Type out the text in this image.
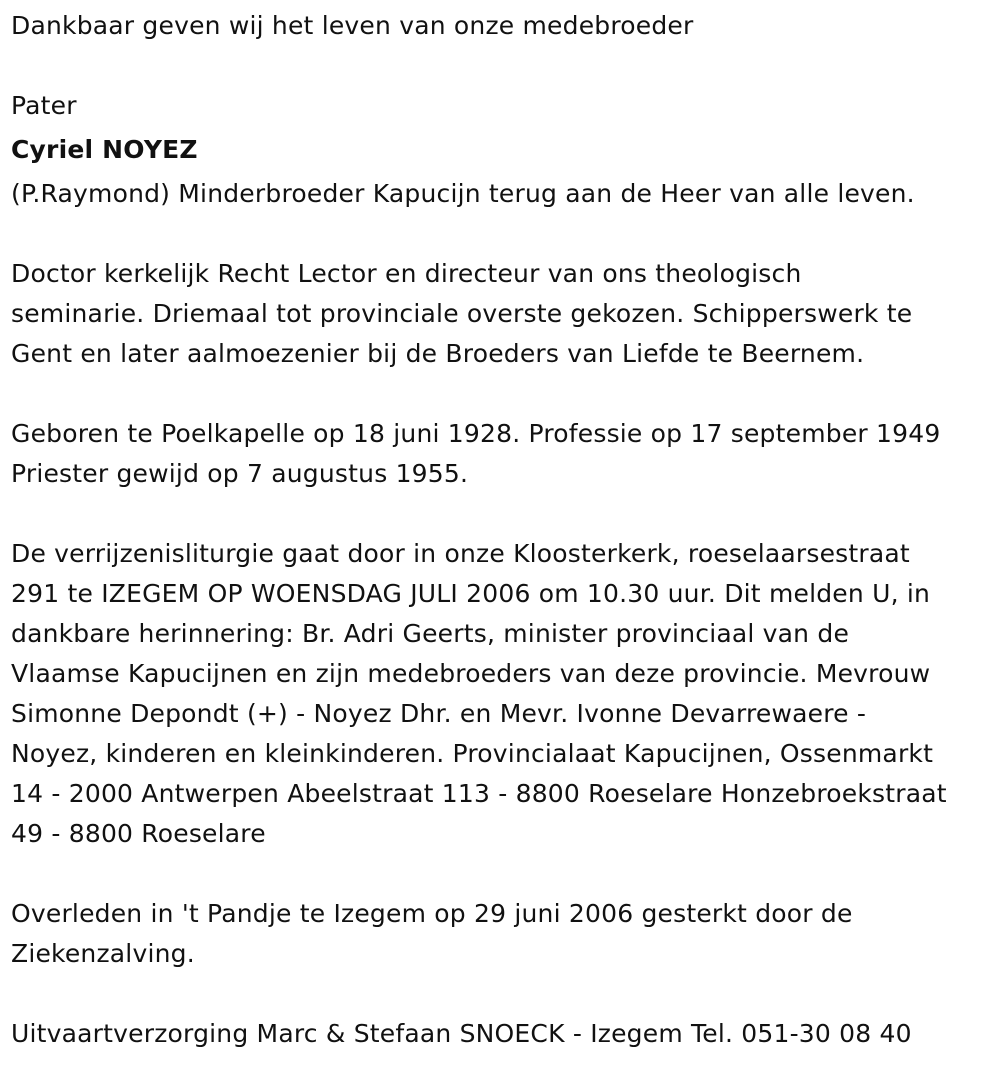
Dankbaar geven wij het leven van onze medebroeder

Pater

Cyriel NOYEZ

(P.Raymond) Minderbroeder Kapucijn terug aan de Heer van alle leven.

Doctor kerkelijk Recht Lector en directeur van ons theologisch

seminarie. Driemaal tot provinciale overste gekozen. Schipperswerk te

Gent en later aalmoezenier bij de Broeders van Liefde te Beernem.

Geboren te Poelkapelle op 18 juni 1928. Professie op 17 september 1949

Priester gewijd op 7 augustus 1955.

De verrijzenisliturgie gaat door in onze Kloosterkerk, roeselaarsestraat

291 te IZEGEM OP WOENSDAG JULI 2006 om 10.30 uur. Dit melden U, in

dankbare herinnering: Br. Adri Geerts, minister provinciaal van de

Vlaamse Kapucijnen en zijn medebroeders van deze provincie. Mevrouw

Simonne Depondt (+) - Noyez Dhr. en Mevr. Ivonne Devarrewaere -

Noyez, kinderen en kleinkinderen. Provincialaat Kapucijnen, Ossenmarkt

14 - 2000 Antwerpen Abeelstraat 113 - 8800 Roeselare Honzebroekstraat

49 - 8800 Roeselare

Overleden in 't Pandje te Izegem op 29 juni 2006 gesterkt door de

Ziekenzalving.

Uitvaartverzorging Marc & Stefaan SNOECK - Izegem Tel. 051-30 08 40
